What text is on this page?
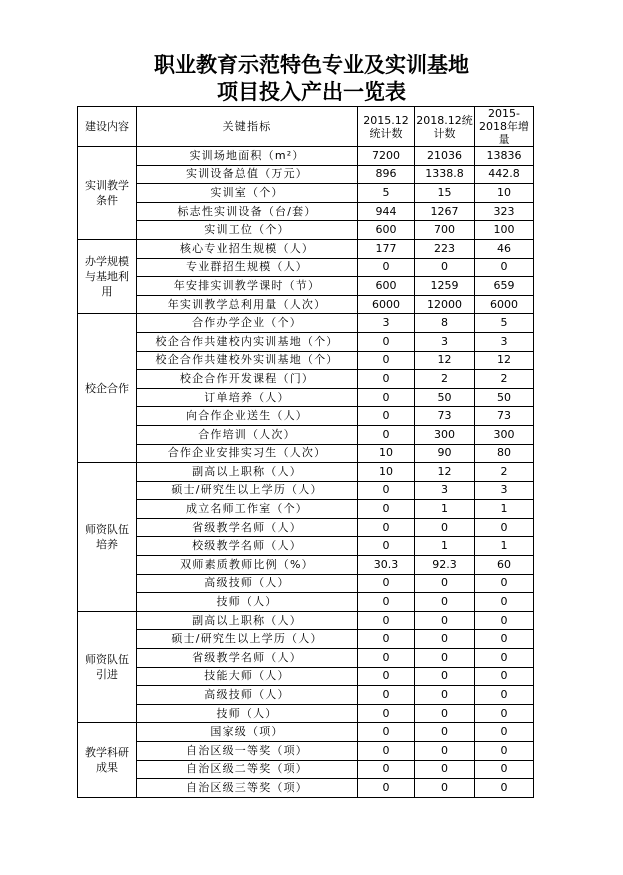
职业教育示范特色专业及实训基地
项目投入产出一览表
建设内容	关键指标	2015.12统计数	2018.12统计数	2015-2018年增量
实训教学条件	实训场地面积（m²）	7200	21036	13836
	实训设备总值（万元）	896	1338.8	442.8
	实训室（个）	5	15	10
	标志性实训设备（台/套）	944	1267	323
	实训工位（个）	600	700	100
办学规模与基地利用	核心专业招生规模（人）	177	223	46
	专业群招生规模（人）	0	0	0
	年安排实训教学课时（节）	600	1259	659
	年实训教学总利用量（人次）	6000	12000	6000
校企合作	合作办学企业（个）	3	8	5
	校企合作共建校内实训基地（个）	0	3	3
	校企合作共建校外实训基地（个）	0	12	12
	校企合作开发课程（门）	0	2	2
	订单培养（人）	0	50	50
	向合作企业送生（人）	0	73	73
	合作培训（人次）	0	300	300
	合作企业安排实习生（人次）	10	90	80
师资队伍培养	副高以上职称（人）	10	12	2
	硕士/研究生以上学历（人）	0	3	3
	成立名师工作室（个）	0	1	1
	省级教学名师（人）	0	0	0
	校级教学名师（人）	0	1	1
	双师素质教师比例（%）	30.3	92.3	60
	高级技师（人）	0	0	0
	技师（人）	0	0	0
师资队伍引进	副高以上职称（人）	0	0	0
	硕士/研究生以上学历（人）	0	0	0
	省级教学名师（人）	0	0	0
	技能大师（人）	0	0	0
	高级技师（人）	0	0	0
	技师（人）	0	0	0
教学科研成果	国家级（项）	0	0	0
	自治区级一等奖（项）	0	0	0
	自治区级二等奖（项）	0	0	0
	自治区级三等奖（项）	0	0	0
